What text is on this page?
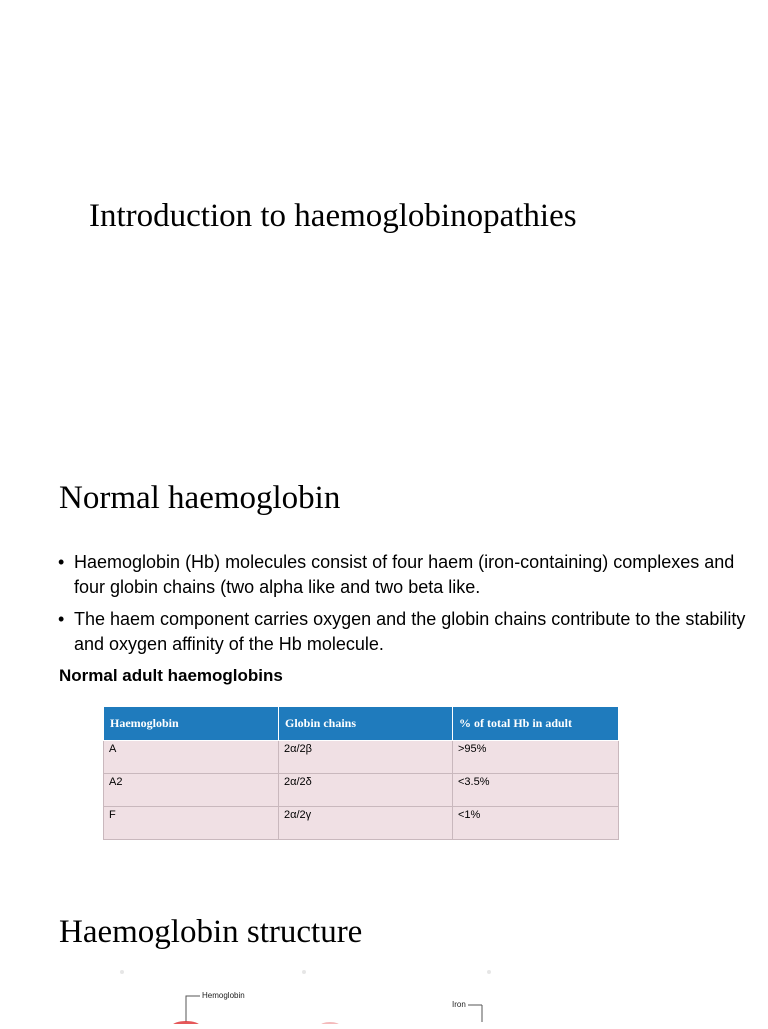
Introduction to haemoglobinopathies
Normal haemoglobin
• Haemoglobin (Hb) molecules consist of four haem (iron-containing) complexes and four globin chains (two alpha like and two beta like.
• The haem component carries oxygen and the globin chains contribute to the stability and oxygen affinity of the Hb molecule.
Normal adult haemoglobins
Haemoglobin	Globin chains	% of total Hb in adult
A	2α/2β	>95%
A2	2α/2δ	<3.5%
F	2α/2γ	<1%
Haemoglobin structure
Hemoglobin
Iron
